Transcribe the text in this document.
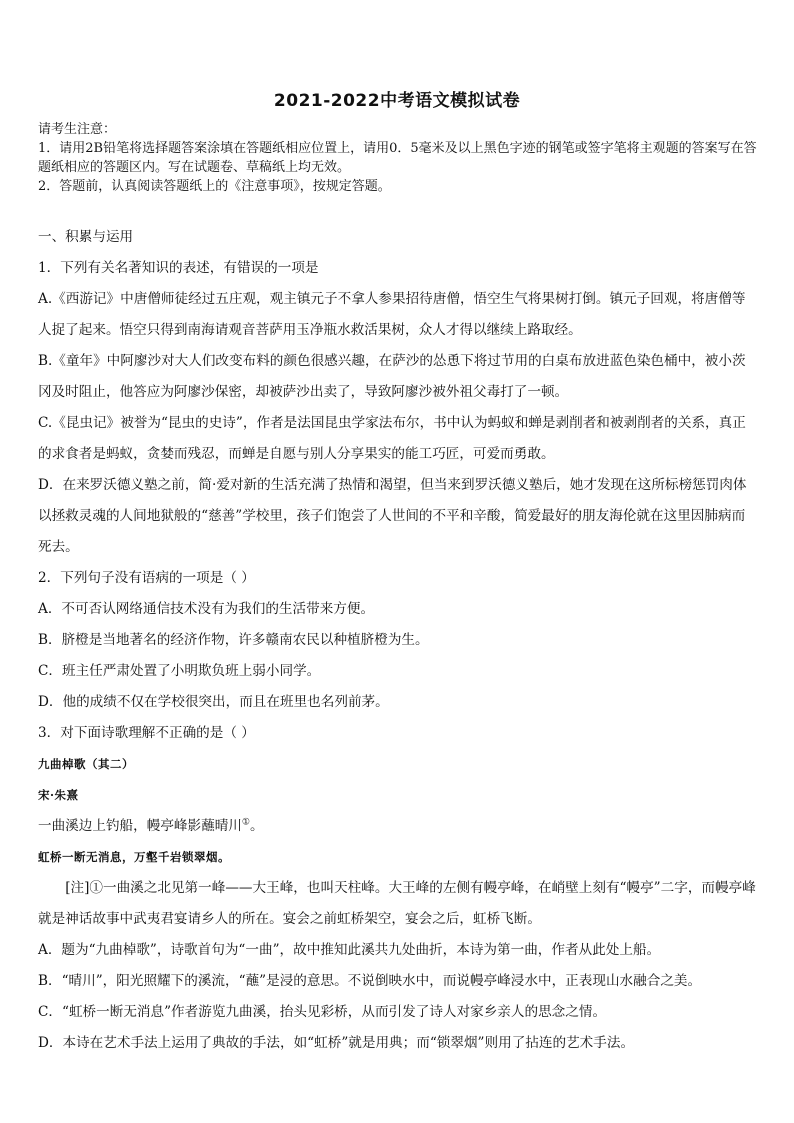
2021-2022中考语文模拟试卷
请考生注意：
1．请用2B铅笔将选择题答案涂填在答题纸相应位置上，请用0．5毫米及以上黑色字迹的钢笔或签字笔将主观题的答案写在答题纸相应的答题区内。写在试题卷、草稿纸上均无效。
2．答题前，认真阅读答题纸上的《注意事项》，按规定答题。
一、积累与运用
1．下列有关名著知识的表述，有错误的一项是
A.《西游记》中唐僧师徒经过五庄观，观主镇元子不拿人参果招待唐僧，悟空生气将果树打倒。镇元子回观，将唐僧等人捉了起来。悟空只得到南海请观音菩萨用玉净瓶水救活果树，众人才得以继续上路取经。
B.《童年》中阿廖沙对大人们改变布料的颜色很感兴趣，在萨沙的怂恿下将过节用的白桌布放进蓝色染色桶中，被小茨冈及时阻止，他答应为阿廖沙保密，却被萨沙出卖了，导致阿廖沙被外祖父毒打了一顿。
C.《昆虫记》被誉为“昆虫的史诗”，作者是法国昆虫学家法布尔，书中认为蚂蚁和蝉是剥削者和被剥削者的关系，真正的求食者是蚂蚁，贪婪而残忍，而蝉是自愿与别人分享果实的能工巧匠，可爱而勇敢。
D．在来罗沃德义塾之前，简·爱对新的生活充满了热情和渴望，但当来到罗沃德义塾后，她才发现在这所标榜惩罚肉体以拯救灵魂的人间地狱般的“慈善”学校里，孩子们饱尝了人世间的不平和辛酸，简爱最好的朋友海伦就在这里因肺病而死去。
2．下列句子没有语病的一项是（ ）
A．不可否认网络通信技术没有为我们的生活带来方便。
B．脐橙是当地著名的经济作物，许多赣南农民以种植脐橙为生。
C．班主任严肃处置了小明欺负班上弱小同学。
D．他的成绩不仅在学校很突出，而且在班里也名列前茅。
3．对下面诗歌理解不正确的是（ ）
九曲棹歌（其二）
宋·朱熹
一曲溪边上钓船，幔亭峰影蘸晴川①。
虹桥一断无消息，万壑千岩锁翠烟。
[注]①一曲溪之北见第一峰——大王峰，也叫天柱峰。大王峰的左侧有幔亭峰，在峭壁上刻有“幔亭”二字，而幔亭峰就是神话故事中武夷君宴请乡人的所在。宴会之前虹桥架空，宴会之后，虹桥飞断。
A．题为“九曲棹歌”，诗歌首句为“一曲”，故中推知此溪共九处曲折，本诗为第一曲，作者从此处上船。
B．“晴川”，阳光照耀下的溪流，“蘸”是浸的意思。不说倒映水中，而说幔亭峰浸水中，正表现山水融合之美。
C．“虹桥一断无消息”作者游览九曲溪，抬头见彩桥，从而引发了诗人对家乡亲人的思念之情。
D．本诗在艺术手法上运用了典故的手法，如“虹桥”就是用典；而“锁翠烟”则用了拈连的艺术手法。
